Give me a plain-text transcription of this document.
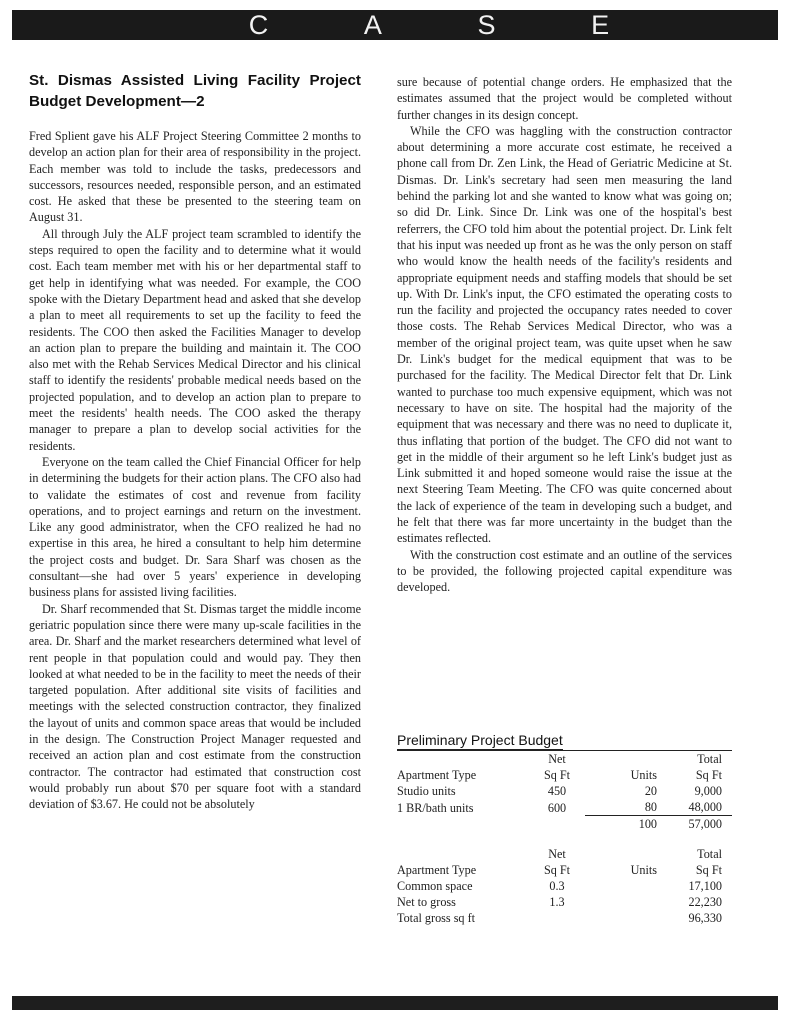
C	A	S	E
St. Dismas Assisted Living Facility Project Budget Development—2

Fred Splient gave his ALF Project Steering Committee 2 months to develop an action plan for their area of responsibility in the project. Each member was told to include the tasks, predecessors and successors, resources needed, responsible person, and an estimated cost. He asked that these be presented to the steering team on August 31.

All through July the ALF project team scrambled to identify the steps required to open the facility and to determine what it would cost. Each team member met with his or her departmental staff to get help in identifying what was needed. For example, the COO spoke with the Dietary Department head and asked that she develop a plan to meet all requirements to set up the facility to feed the residents. The COO then asked the Facilities Manager to develop an action plan to prepare the building and maintain it. The COO also met with the Rehab Services Medical Director and his clinical staff to identify the residents' probable medical needs based on the projected population, and to develop an action plan to prepare to meet the residents' health needs. The COO asked the therapy manager to prepare a plan to develop social activities for the residents.

Everyone on the team called the Chief Financial Officer for help in determining the budgets for their action plans. The CFO also had to validate the estimates of cost and revenue from facility operations, and to project earnings and return on the investment. Like any good administrator, when the CFO realized he had no expertise in this area, he hired a consultant to help him determine the project costs and budget. Dr. Sara Sharf was chosen as the consultant—she had over 5 years' experience in developing business plans for assisted living facilities.

Dr. Sharf recommended that St. Dismas target the middle income geriatric population since there were many up-scale facilities in the area. Dr. Sharf and the market researchers determined what level of rent people in that population could and would pay. They then looked at what needed to be in the facility to meet the needs of their targeted population. After additional site visits of facilities and meetings with the selected construction contractor, they finalized the layout of units and common space areas that would be included in the design. The Construction Project Manager requested and received an action plan and cost estimate from the construction contractor. The contractor had estimated that construction cost would probably run about $70 per square foot with a standard deviation of $3.67. He could not be absolutely

sure because of potential change orders. He emphasized that the estimates assumed that the project would be completed without further changes in its design concept.

While the CFO was haggling with the construction contractor about determining a more accurate cost estimate, he received a phone call from Dr. Zen Link, the Head of Geriatric Medicine at St. Dismas. Dr. Link's secretary had seen men measuring the land behind the parking lot and she wanted to know what was going on; so did Dr. Link. Since Dr. Link was one of the hospital's best referrers, the CFO told him about the potential project. Dr. Link felt that his input was needed up front as he was the only person on staff who would know the health needs of the facility's residents and appropriate equipment needs and staffing models that should be set up. With Dr. Link's input, the CFO estimated the operating costs to run the facility and projected the occupancy rates needed to cover those costs. The Rehab Services Medical Director, who was a member of the original project team, was quite upset when he saw Dr. Link's budget for the medical equipment that was to be purchased for the facility. The Medical Director felt that Dr. Link wanted to purchase too much expensive equipment, which was not necessary to have on site. The hospital had the majority of the equipment that was necessary and there was no need to duplicate it, thus inflating that portion of the budget. The CFO did not want to get in the middle of their argument so he left Link's budget just as Link submitted it and hoped someone would raise the issue at the next Steering Team Meeting. The CFO was quite concerned about the lack of experience of the team in developing such a budget, and he felt that there was far more uncertainty in the budget than the estimates reflected.

With the construction cost estimate and an outline of the services to be provided, the following projected capital expenditure was developed.

Preliminary Project Budget
	Net		Total
Apartment Type	Sq Ft	Units	Sq Ft
Studio units	450	20	9,000
1 BR/bath units	600	80	48,000
		100	57,000

	Net		Total
Apartment Type	Sq Ft	Units	Sq Ft
Common space	0.3		17,100
Net to gross	1.3		22,230
Total gross sq ft			96,330
